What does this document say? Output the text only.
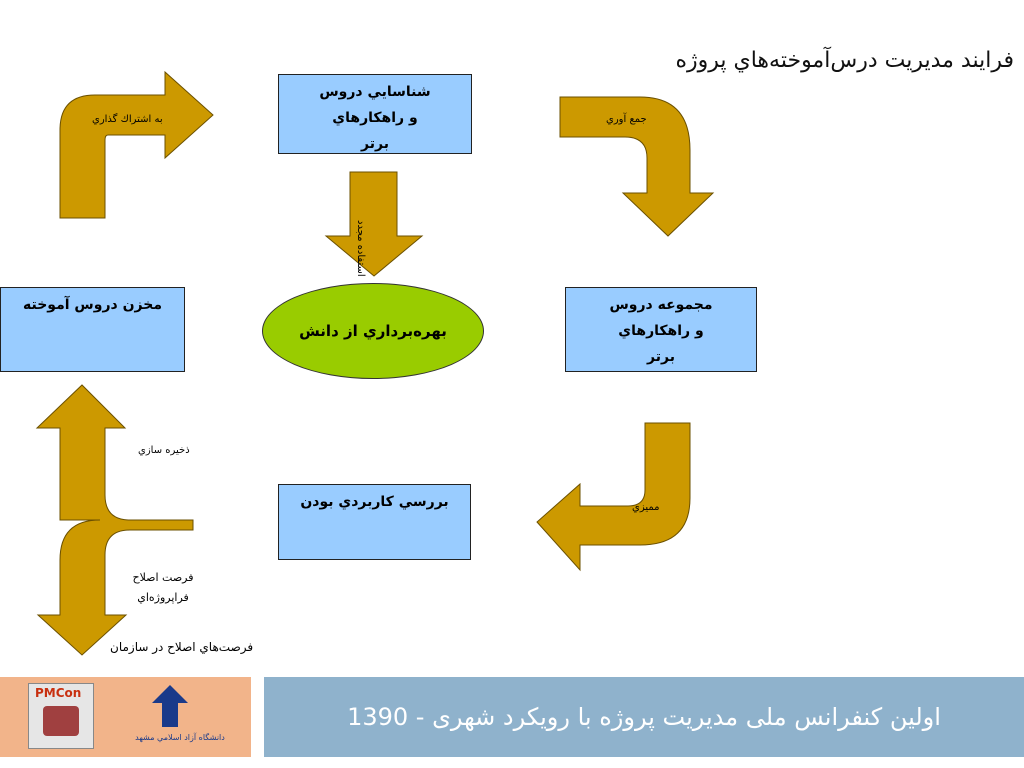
فرايند مديريت درس‌آموخته‌هاي پروژه
به اشتراك گذاري	جمع آوري
استفاده مجدد
مميزي
ذخيره سازي
فرصت اصلاح
فراپروژه‌اي
فرصت‌هاي اصلاح در سازمان
شناسايي دروس و راهكارهاي برتر
مجموعه دروس و راهكارهاي برتر
مخزن دروس آموخته
بررسي كاربردي بودن
بهره‌برداري از دانش
PMCon
دانشگاه آزاد اسلامي مشهد
اولین کنفرانس ملی مدیریت پروژه با رویکرد شهری - 1390
